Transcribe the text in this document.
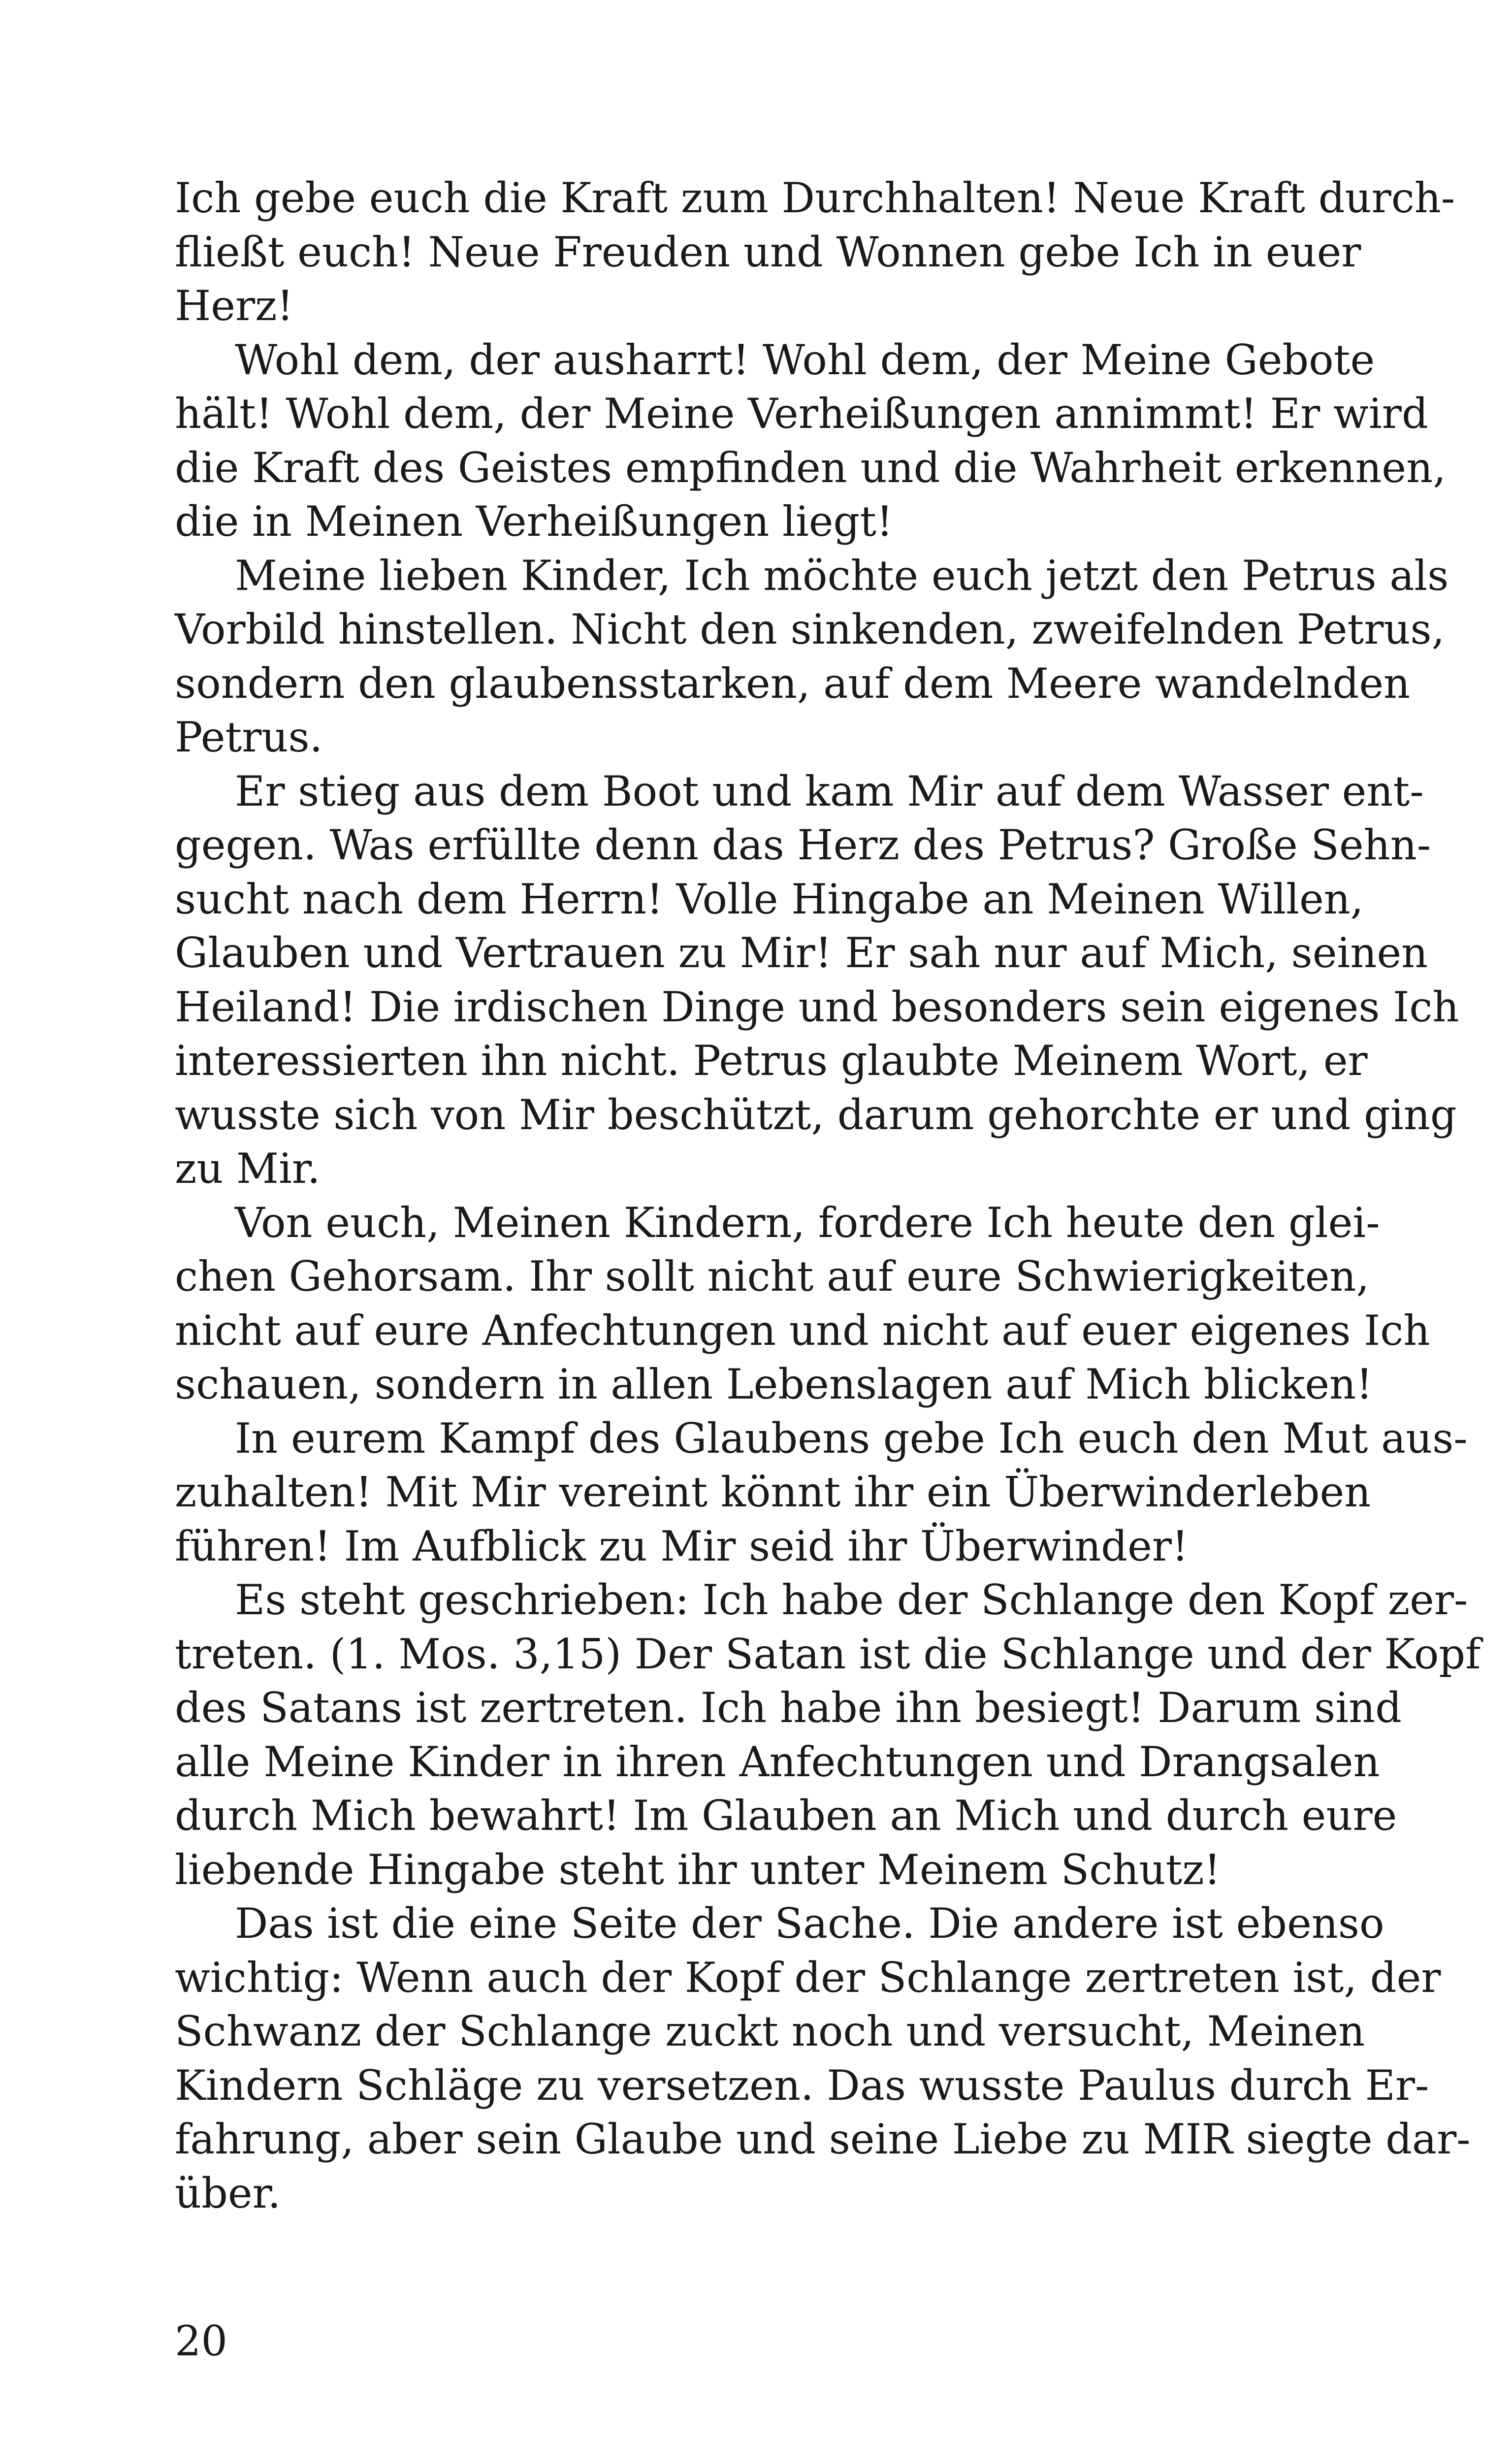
Ich gebe euch die Kraft zum Durchhalten! Neue Kraft durch-
fließt euch! Neue Freuden und Wonnen gebe Ich in euer
Herz!
Wohl dem, der ausharrt! Wohl dem, der Meine Gebote
hält! Wohl dem, der Meine Verheißungen annimmt! Er wird
die Kraft des Geistes empfinden und die Wahrheit erkennen,
die in Meinen Verheißungen liegt!
Meine lieben Kinder, Ich möchte euch jetzt den Petrus als
Vorbild hinstellen. Nicht den sinkenden, zweifelnden Petrus,
sondern den glaubensstarken, auf dem Meere wandelnden
Petrus.
Er stieg aus dem Boot und kam Mir auf dem Wasser ent-
gegen. Was erfüllte denn das Herz des Petrus? Große Sehn-
sucht nach dem Herrn! Volle Hingabe an Meinen Willen,
Glauben und Vertrauen zu Mir! Er sah nur auf Mich, seinen
Heiland! Die irdischen Dinge und besonders sein eigenes Ich
interessierten ihn nicht. Petrus glaubte Meinem Wort, er
wusste sich von Mir beschützt, darum gehorchte er und ging
zu Mir.
Von euch, Meinen Kindern, fordere Ich heute den glei-
chen Gehorsam. Ihr sollt nicht auf eure Schwierigkeiten,
nicht auf eure Anfechtungen und nicht auf euer eigenes Ich
schauen, sondern in allen Lebenslagen auf Mich blicken!
In eurem Kampf des Glaubens gebe Ich euch den Mut aus-
zuhalten! Mit Mir vereint könnt ihr ein Überwinderleben
führen! Im Aufblick zu Mir seid ihr Überwinder!
Es steht geschrieben: Ich habe der Schlange den Kopf zer-
treten. (1. Mos. 3,15) Der Satan ist die Schlange und der Kopf
des Satans ist zertreten. Ich habe ihn besiegt! Darum sind
alle Meine Kinder in ihren Anfechtungen und Drangsalen
durch Mich bewahrt! Im Glauben an Mich und durch eure
liebende Hingabe steht ihr unter Meinem Schutz!
Das ist die eine Seite der Sache. Die andere ist ebenso
wichtig: Wenn auch der Kopf der Schlange zertreten ist, der
Schwanz der Schlange zuckt noch und versucht, Meinen
Kindern Schläge zu versetzen. Das wusste Paulus durch Er-
fahrung, aber sein Glaube und seine Liebe zu MIR siegte dar-
über.
20
